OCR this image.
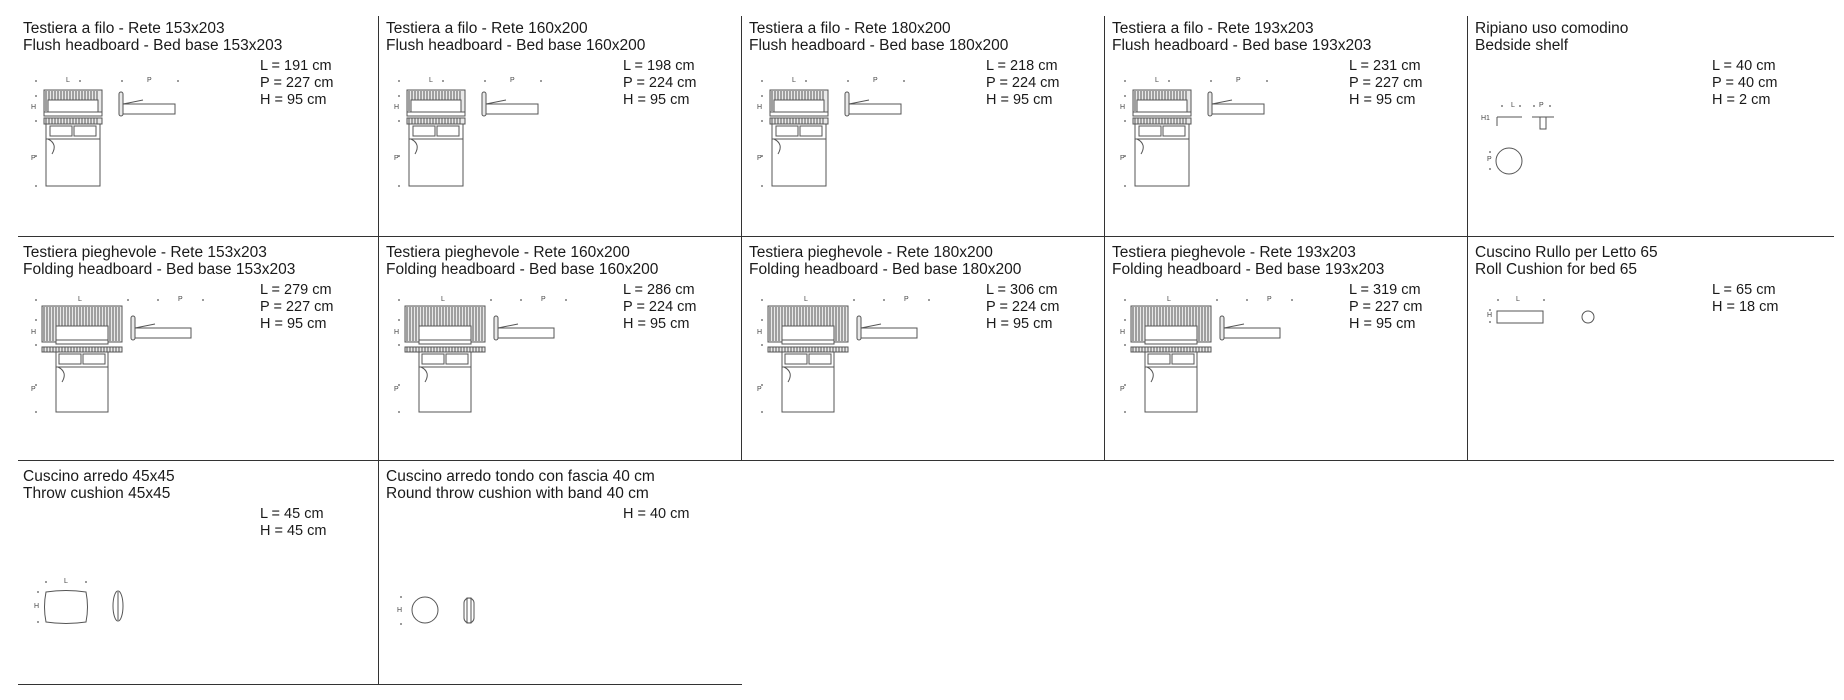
Testiera a filo - Rete 153x203
Flush headboard - Bed base 153x203
L = 191 cm
P = 227 cm
H = 95 cm
L
H
P
P
Testiera a filo - Rete 160x200
Flush headboard - Bed base 160x200
L = 198 cm
P = 224 cm
H = 95 cm
L
H
P
P
Testiera a filo - Rete 180x200
Flush headboard - Bed base 180x200
L = 218 cm
P = 224 cm
H = 95 cm
L
H
P
P
Testiera a filo - Rete 193x203
Flush headboard - Bed base 193x203
L = 231 cm
P = 227 cm
H = 95 cm
L
H
P
P
Ripiano uso comodino
Bedside shelf
L = 40 cm
P = 40 cm
H = 2 cm
L	P
H1
P
Testiera pieghevole - Rete 153x203
Folding headboard - Bed base 153x203
L = 279 cm
P = 227 cm
H = 95 cm
L	P
H
P
Testiera pieghevole - Rete 160x200
Folding headboard - Bed base 160x200
L = 286 cm
P = 224 cm
H = 95 cm
L	P
H
P
Testiera pieghevole - Rete 180x200
Folding headboard - Bed base 180x200
L = 306 cm
P = 224 cm
H = 95 cm
L	P
H
P
Testiera pieghevole - Rete 193x203
Folding headboard - Bed base 193x203
L = 319 cm
P = 227 cm
H = 95 cm
L	P
H
P
Cuscino Rullo per Letto 65
Roll Cushion for bed 65
L = 65 cm
H = 18 cm
L
H
Cuscino arredo 45x45
Throw cushion 45x45
L = 45 cm
H = 45 cm
L
H
Cuscino arredo tondo con fascia 40 cm
Round throw cushion with band 40 cm
H = 40 cm
H
